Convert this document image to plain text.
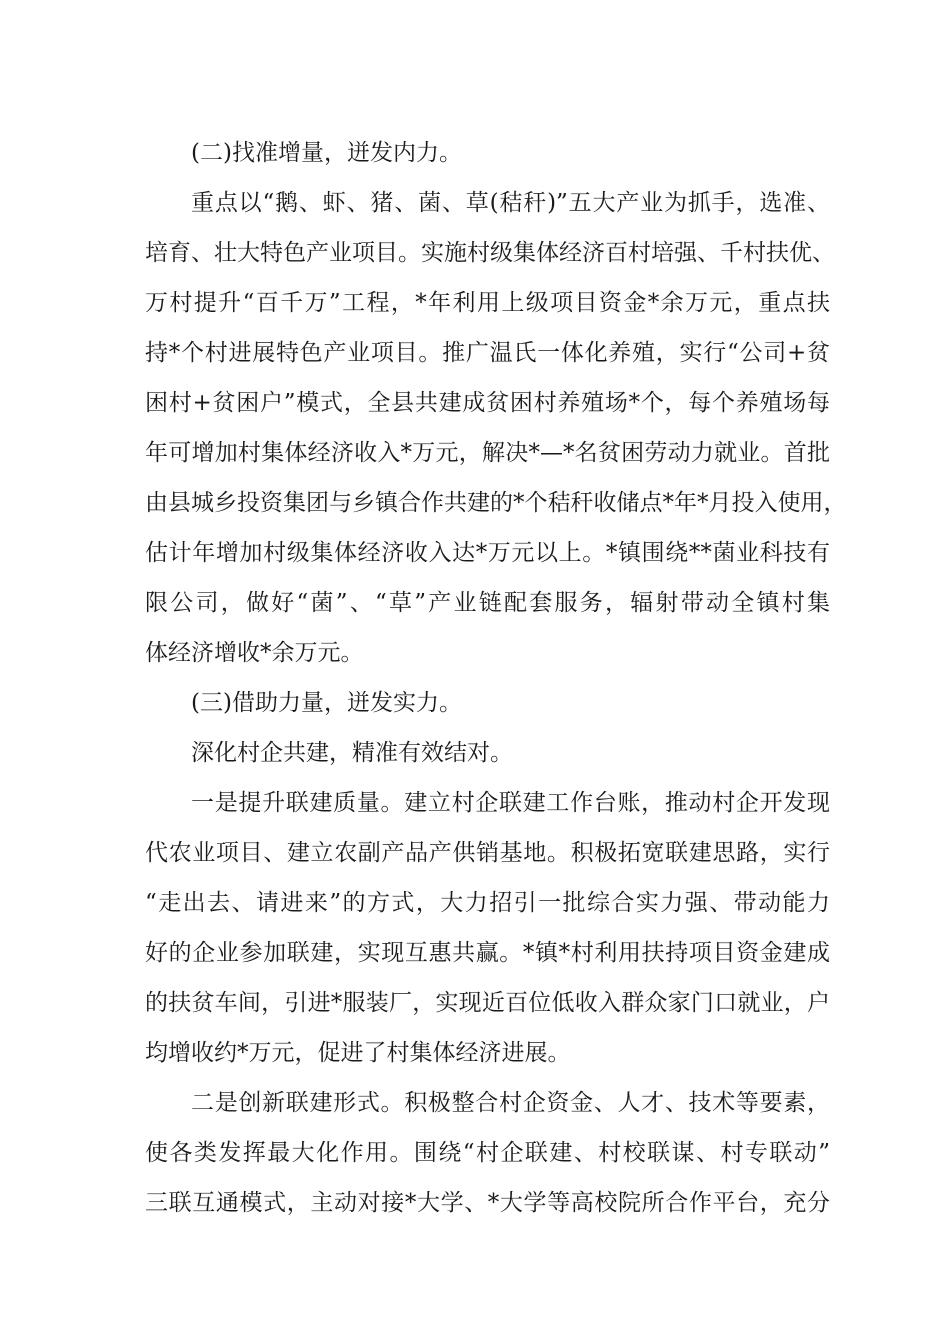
(二)找准增量，迸发内力。
重点以“鹅、虾、猪、菌、草(秸秆)”五大产业为抓手，选准、
培育、壮大特色产业项目。实施村级集体经济百村培强、千村扶优、
万村提升“百千万”工程，*年利用上级项目资金*余万元，重点扶
持*个村进展特色产业项目。推广温氏一体化养殖，实行“公司+贫
困村+贫困户”模式，全县共建成贫困村养殖场*个，每个养殖场每
年可增加村集体经济收入*万元，解决*—*名贫困劳动力就业。首批
由县城乡投资集团与乡镇合作共建的*个秸秆收储点*年*月投入使用，
估计年增加村级集体经济收入达*万元以上。*镇围绕**菌业科技有
限公司，做好“菌”、“草”产业链配套服务，辐射带动全镇村集
体经济增收*余万元。
(三)借助力量，迸发实力。
深化村企共建，精准有效结对。
一是提升联建质量。建立村企联建工作台账，推动村企开发现
代农业项目、建立农副产品产供销基地。积极拓宽联建思路，实行
“走出去、请进来”的方式，大力招引一批综合实力强、带动能力
好的企业参加联建，实现互惠共赢。*镇*村利用扶持项目资金建成
的扶贫车间，引进*服装厂，实现近百位低收入群众家门口就业，户
均增收约*万元，促进了村集体经济进展。
二是创新联建形式。积极整合村企资金、人才、技术等要素，
使各类发挥最大化作用。围绕“村企联建、村校联谋、村专联动”
三联互通模式，主动对接*大学、*大学等高校院所合作平台，充分
